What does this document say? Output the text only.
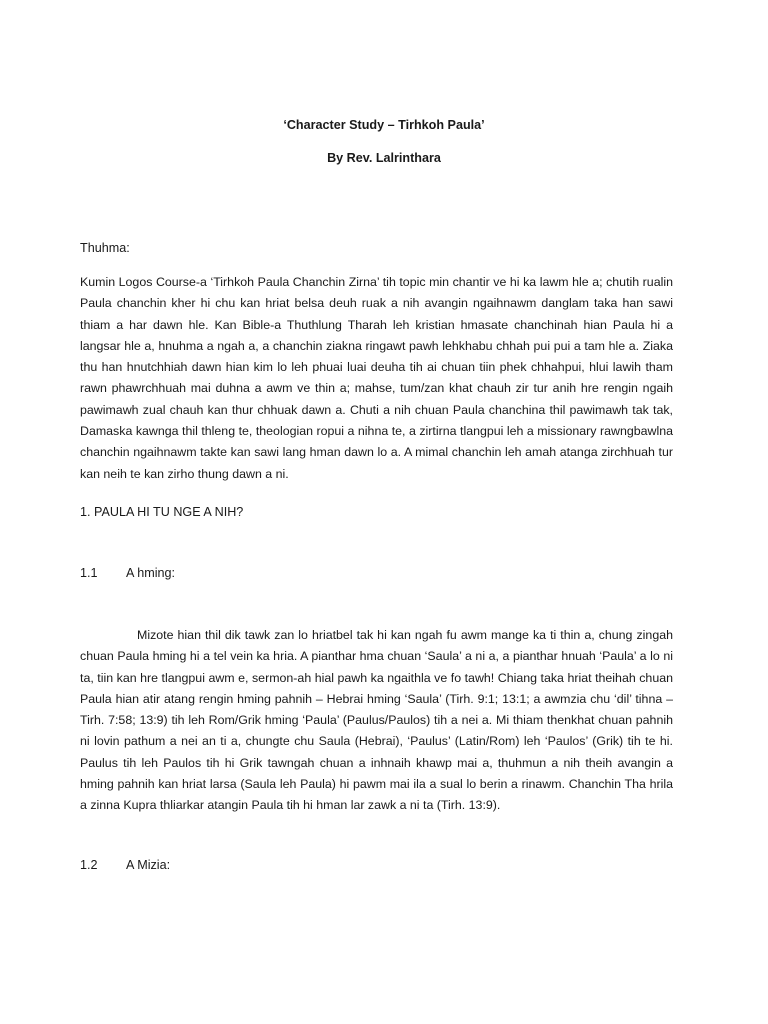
‘Character Study – Tirhkoh Paula’
By Rev. Lalrinthara
Thuhma:
Kumin Logos Course-a ‘Tirhkoh Paula Chanchin Zirna’ tih topic min chantir ve hi ka lawm hle a; chutih rualin Paula chanchin kher hi chu kan hriat belsa deuh ruak a nih avangin ngaihnawm danglam taka han sawi thiam a har dawn hle. Kan Bible-a Thuthlung Tharah leh kristian hmasate chanchinah hian Paula hi a langsar hle a, hnuhma a ngah a, a chanchin ziakna ringawt pawh lehkhabu chhah pui pui a tam hle a. Ziaka thu han hnutchhiah dawn hian kim lo leh phuai luai deuha tih ai chuan tiin phek chhahpui, hlui lawih tham rawn phawrchhuah mai duhna a awm ve thin a; mahse, tum/zan khat chauh zir tur anih hre rengin ngaih pawimawh zual chauh kan thur chhuak dawn a. Chuti a nih chuan Paula chanchina thil pawimawh tak tak, Damaska kawnga thil thleng te, theologian ropui a nihna te, a zirtirna tlangpui leh a missionary rawngbawlna chanchin ngaihnawm takte kan sawi lang hman dawn lo a. A mimal chanchin leh amah atanga zirchhuah tur kan neih te kan zirho thung dawn a ni.
1. PAULA HI TU NGE A NIH?
1.1	A hming:
Mizote hian thil dik tawk zan lo hriatbel tak hi kan ngah fu awm mange ka ti thin a, chung zingah chuan Paula hming hi a tel vein ka hria. A pianthar hma chuan ‘Saula’ a ni a, a pianthar hnuah ‘Paula’ a lo ni ta, tiin kan hre tlangpui awm e, sermon-ah hial pawh ka ngaithla ve fo tawh! Chiang taka hriat theihah chuan Paula hian atir atang rengin hming pahnih – Hebrai hming ‘Saula’ (Tirh. 9:1; 13:1; a awmzia chu ‘dil’ tihna – Tirh. 7:58; 13:9) tih leh Rom/Grik hming ‘Paula’ (Paulus/Paulos) tih a nei a. Mi thiam thenkhat chuan pahnih ni lovin pathum a nei an ti a, chungte chu Saula (Hebrai), ‘Paulus’ (Latin/Rom) leh ‘Paulos’ (Grik) tih te hi. Paulus tih leh Paulos tih hi Grik tawngah chuan a inhnaih khawp mai a, thuhmun a nih theih avangin a hming pahnih kan hriat larsa (Saula leh Paula) hi pawm mai ila a sual lo berin a rinawm. Chanchin Tha hrila a zinna Kupra thliarkar atangin Paula tih hi hman lar zawk a ni ta (Tirh. 13:9).
1.2	A Mizia:
